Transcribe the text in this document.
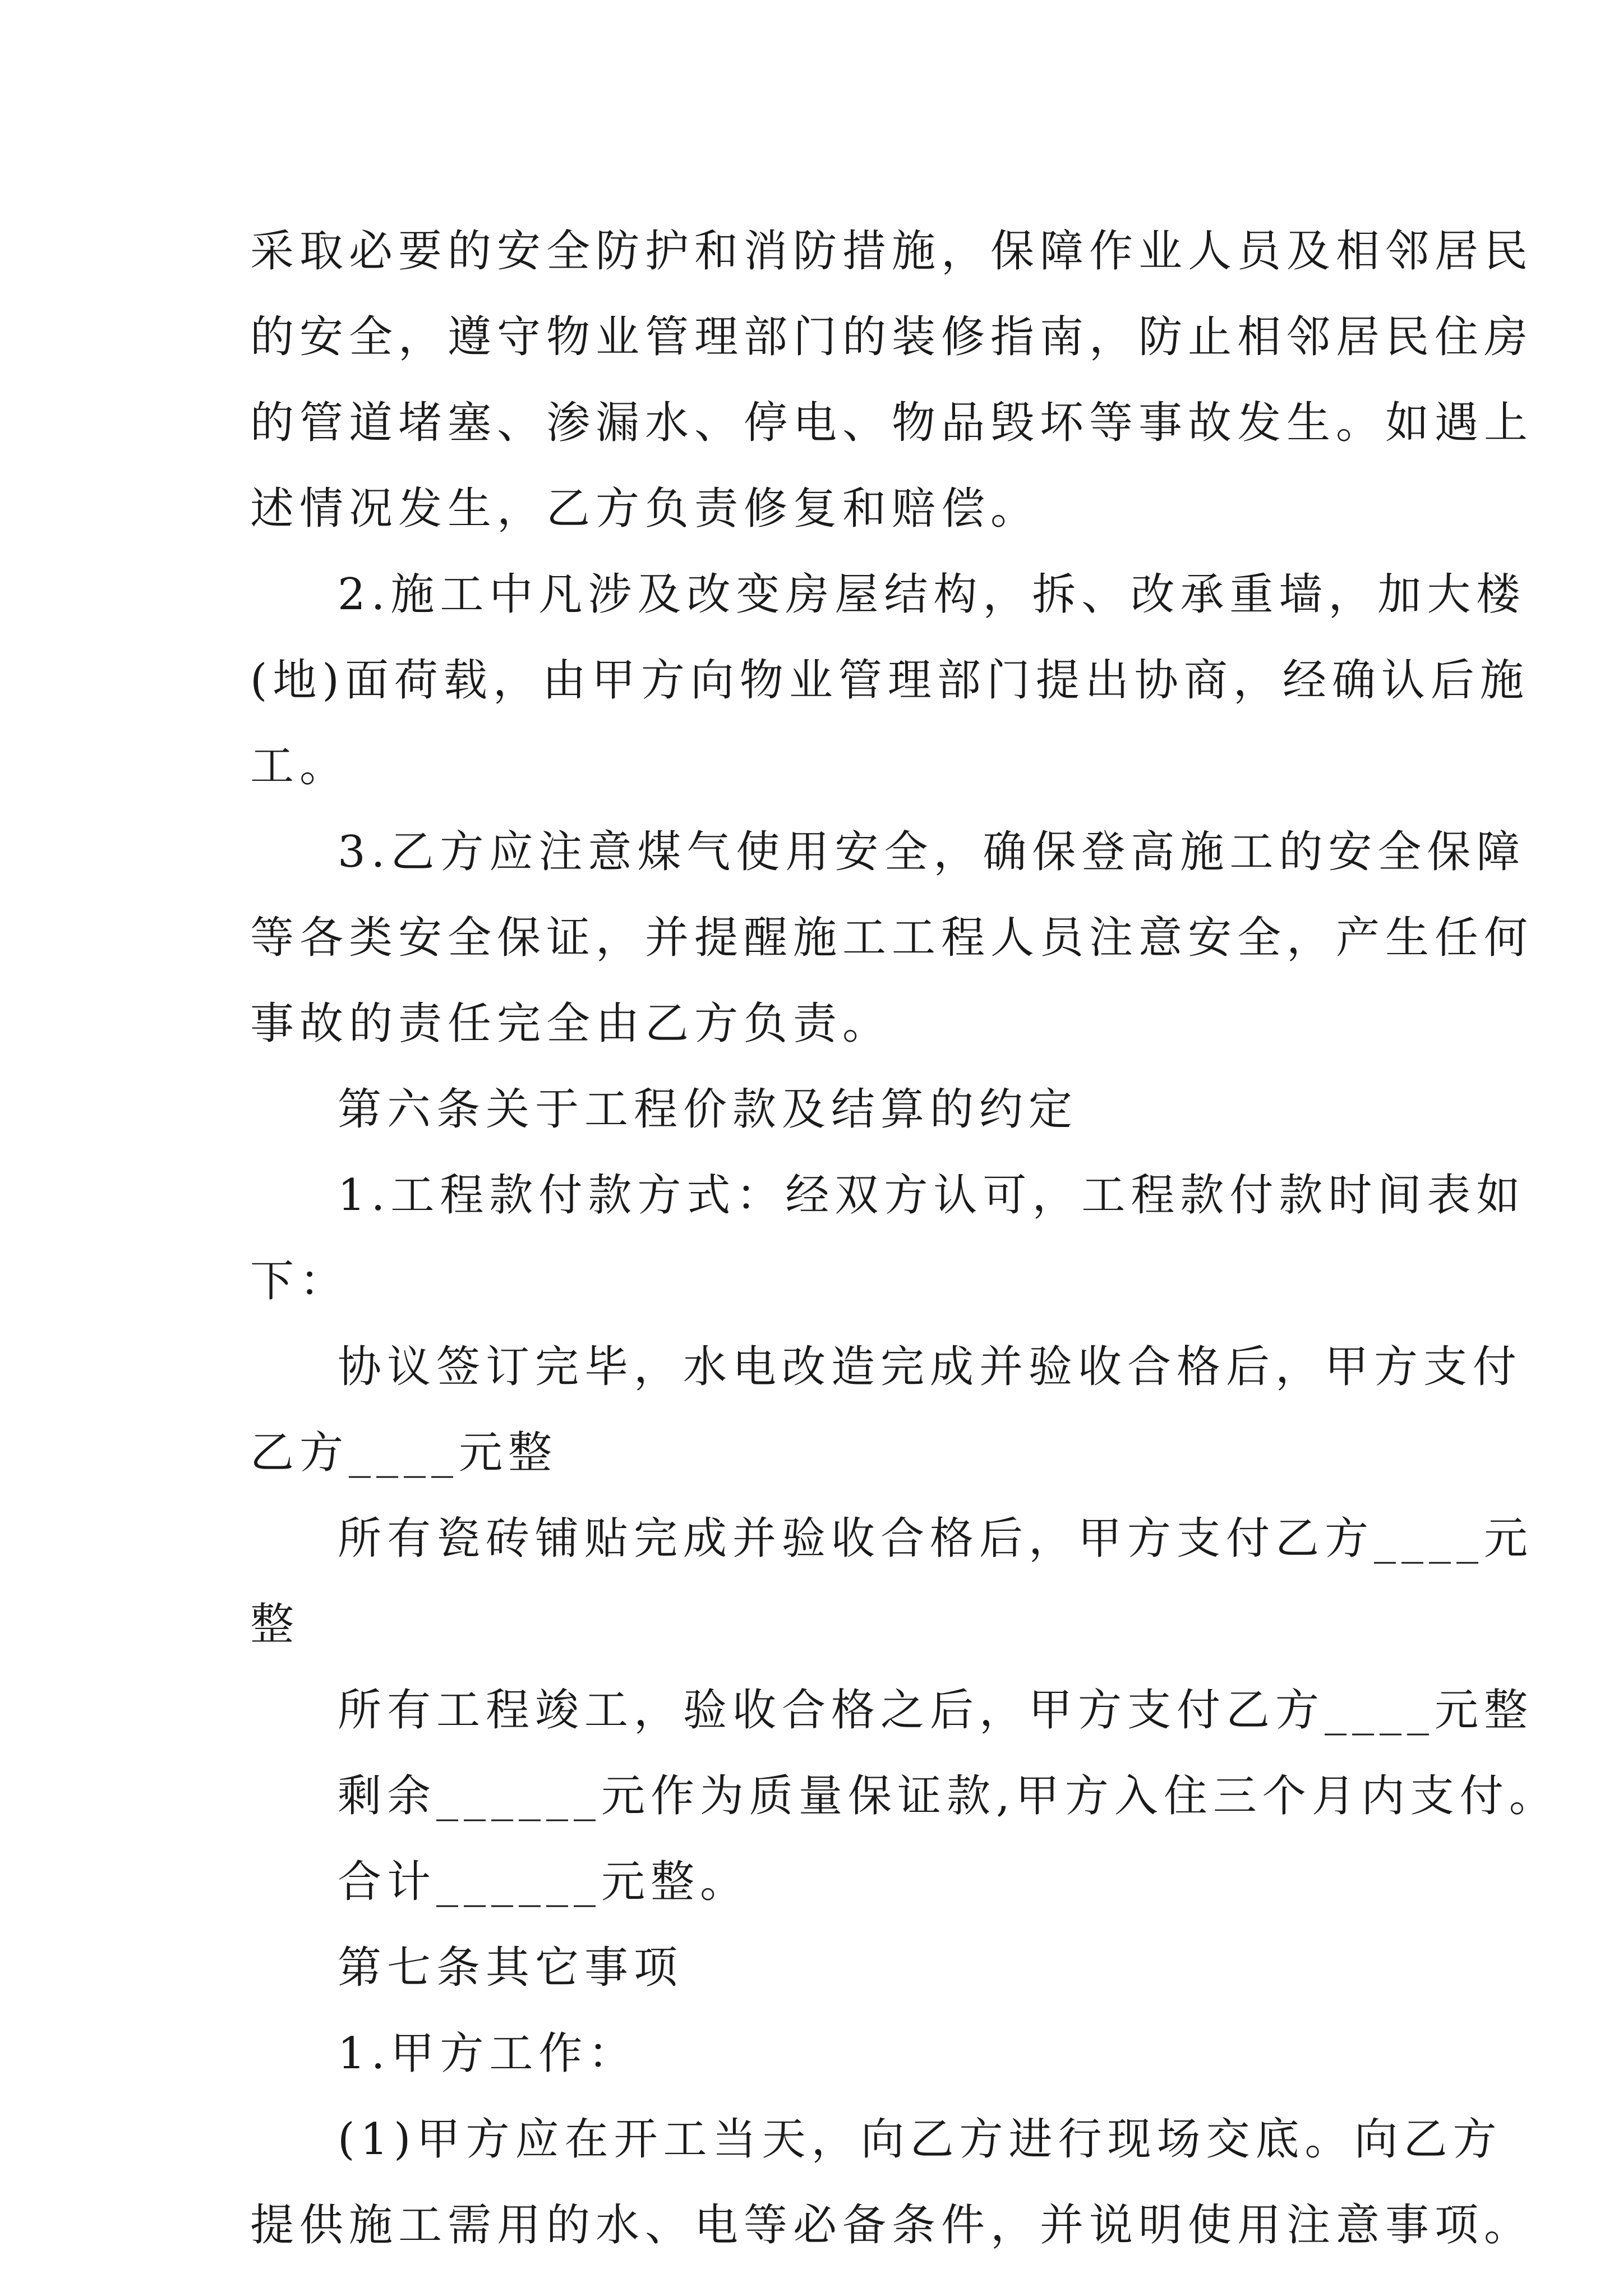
采取必要的安全防护和消防措施，保障作业人员及相邻居民
的安全，遵守物业管理部门的装修指南，防止相邻居民住房
的管道堵塞、渗漏水、停电、物品毁坏等事故发生。如遇上
述情况发生，乙方负责修复和赔偿。
2.施工中凡涉及改变房屋结构，拆、改承重墙，加大楼
(地)面荷载，由甲方向物业管理部门提出协商，经确认后施
工。
3.乙方应注意煤气使用安全，确保登高施工的安全保障
等各类安全保证，并提醒施工工程人员注意安全，产生任何
事故的责任完全由乙方负责。
第六条关于工程价款及结算的约定
1.工程款付款方式：经双方认可，工程款付款时间表如
下：
协议签订完毕，水电改造完成并验收合格后，甲方支付
乙方____元整
所有瓷砖铺贴完成并验收合格后，甲方支付乙方____元
整
所有工程竣工，验收合格之后，甲方支付乙方____元整
剩余______元作为质量保证款,甲方入住三个月内支付。
合计______元整。
第七条其它事项
1.甲方工作：
(1)甲方应在开工当天，向乙方进行现场交底。向乙方
提供施工需用的水、电等必备条件，并说明使用注意事项。
